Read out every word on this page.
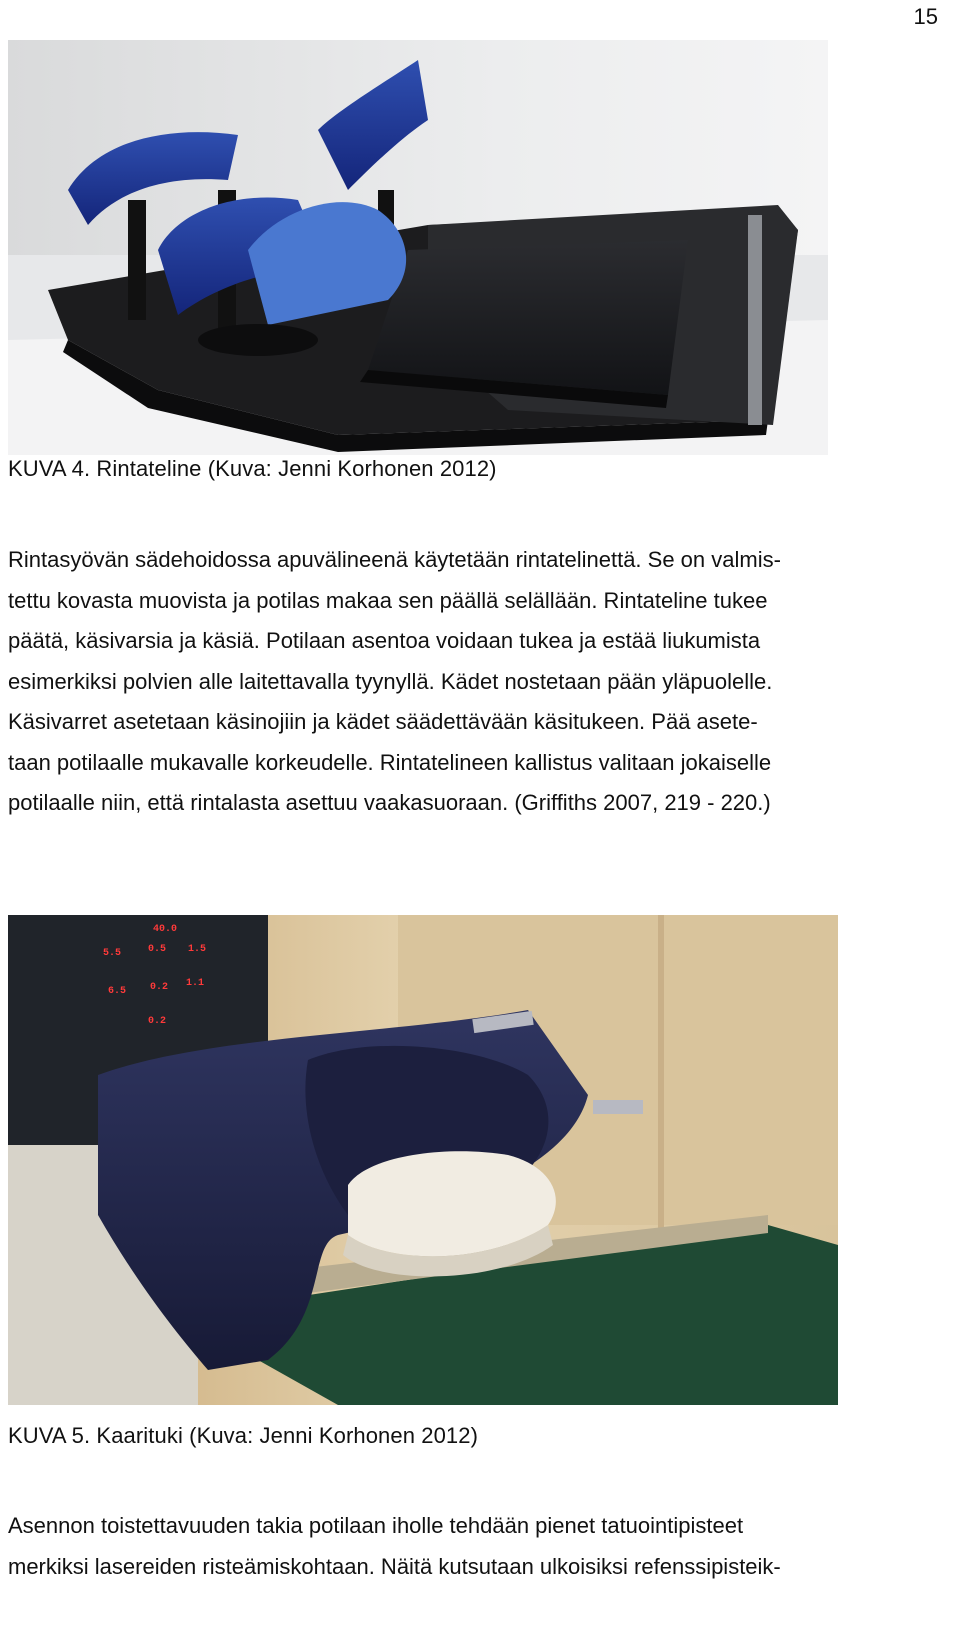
15
KUVA 4. Rintateline (Kuva: Jenni Korhonen 2012)

Rintasyövän sädehoidossa apuvälineenä käytetään rintatelinettä. Se on valmis-

tettu kovasta muovista ja potilas makaa sen päällä selällään. Rintateline tukee

päätä, käsivarsia ja käsiä. Potilaan asentoa voidaan tukea ja estää liukumista

esimerkiksi polvien alle laitettavalla tyynyllä. Kädet nostetaan pään yläpuolelle.

Käsivarret asetetaan käsinojiin ja kädet säädettävään käsitukeen. Pää asete-

taan potilaalle mukavalle korkeudelle. Rintatelineen kallistus valitaan jokaiselle

potilaalle niin, että rintalasta asettuu vaakasuoraan. (Griffiths 2007, 219 - 220.)

40.0
5.5	0.5 1.5
6.5 0.2 1.1
0.2
KUVA 5. Kaarituki (Kuva: Jenni Korhonen 2012)

Asennon toistettavuuden takia potilaan iholle tehdään pienet tatuointipisteet

merkiksi lasereiden risteämiskohtaan. Näitä kutsutaan ulkoisiksi refenssipisteik-
